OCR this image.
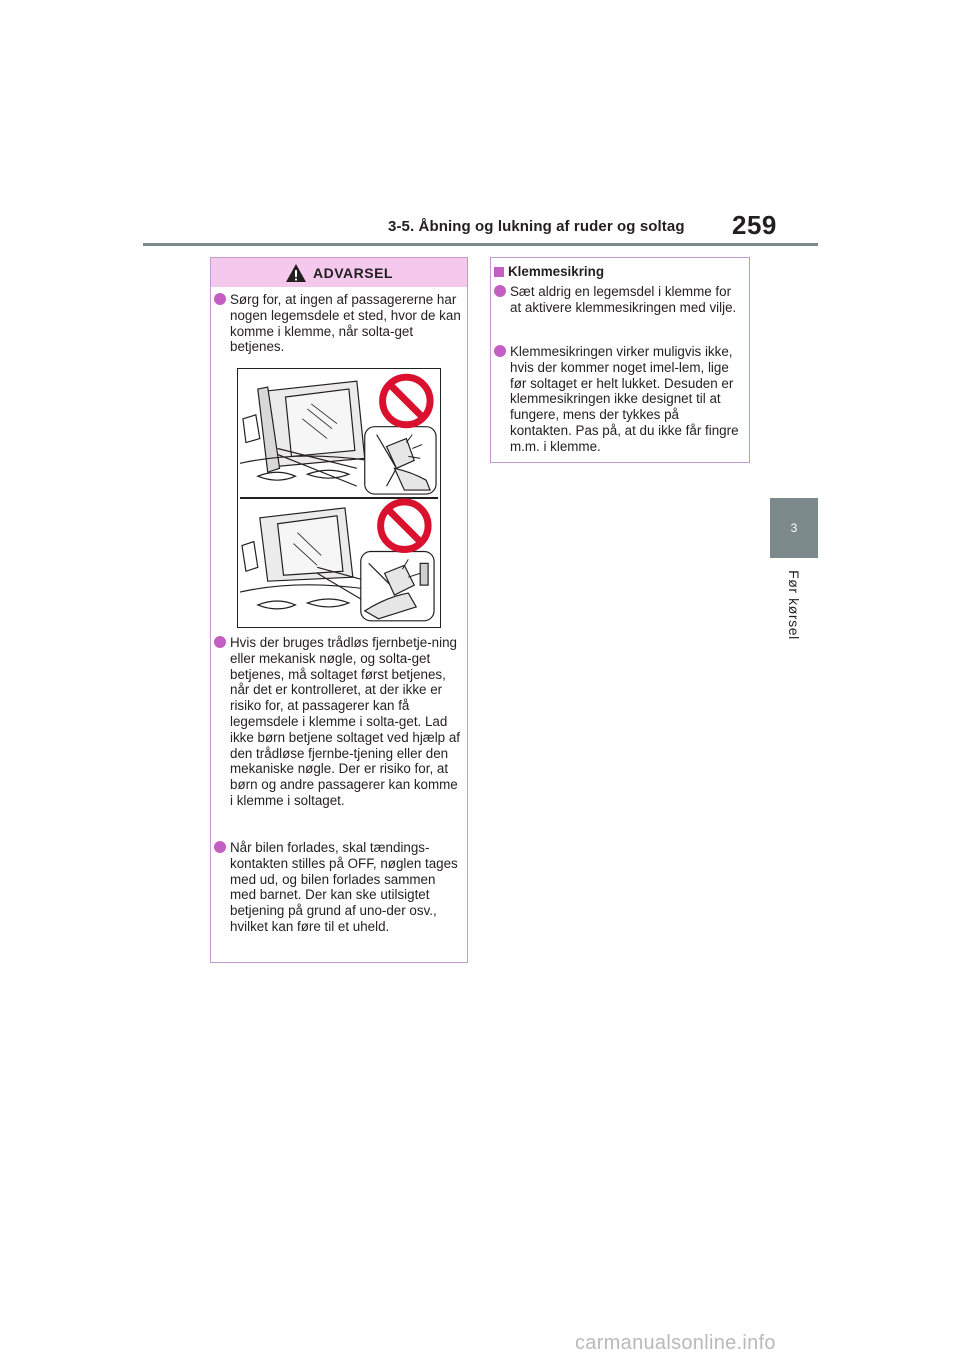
3-5. Åbning og lukning af ruder og soltag 259
3
Før kørsel
ADVARSEL
Sørg for, at ingen af passagererne har nogen legemsdele et sted, hvor de kan komme i klemme, når solta-get betjenes.
Hvis der bruges trådløs fjernbetje-ning eller mekanisk nøgle, og solta-get betjenes, må soltaget først betjenes, når det er kontrolleret, at der ikke er risiko for, at passagerer kan få legemsdele i klemme i solta-get. Lad ikke børn betjene soltaget ved hjælp af den trådløse fjernbe-tjening eller den mekaniske nøgle. Der er risiko for, at børn og andre passagerer kan komme i klemme i soltaget.
Når bilen forlades, skal tændings-kontakten stilles på OFF, nøglen tages med ud, og bilen forlades sammen med barnet. Der kan ske utilsigtet betjening på grund af uno-der osv., hvilket kan føre til et uheld.
Klemmesikring
Sæt aldrig en legemsdel i klemme for at aktivere klemmesikringen med vilje.
Klemmesikringen virker muligvis ikke, hvis der kommer noget imel-lem, lige før soltaget er helt lukket. Desuden er klemmesikringen ikke designet til at fungere, mens der tykkes på kontakten. Pas på, at du ikke får fingre m.m. i klemme.
carmanualsonline.info
